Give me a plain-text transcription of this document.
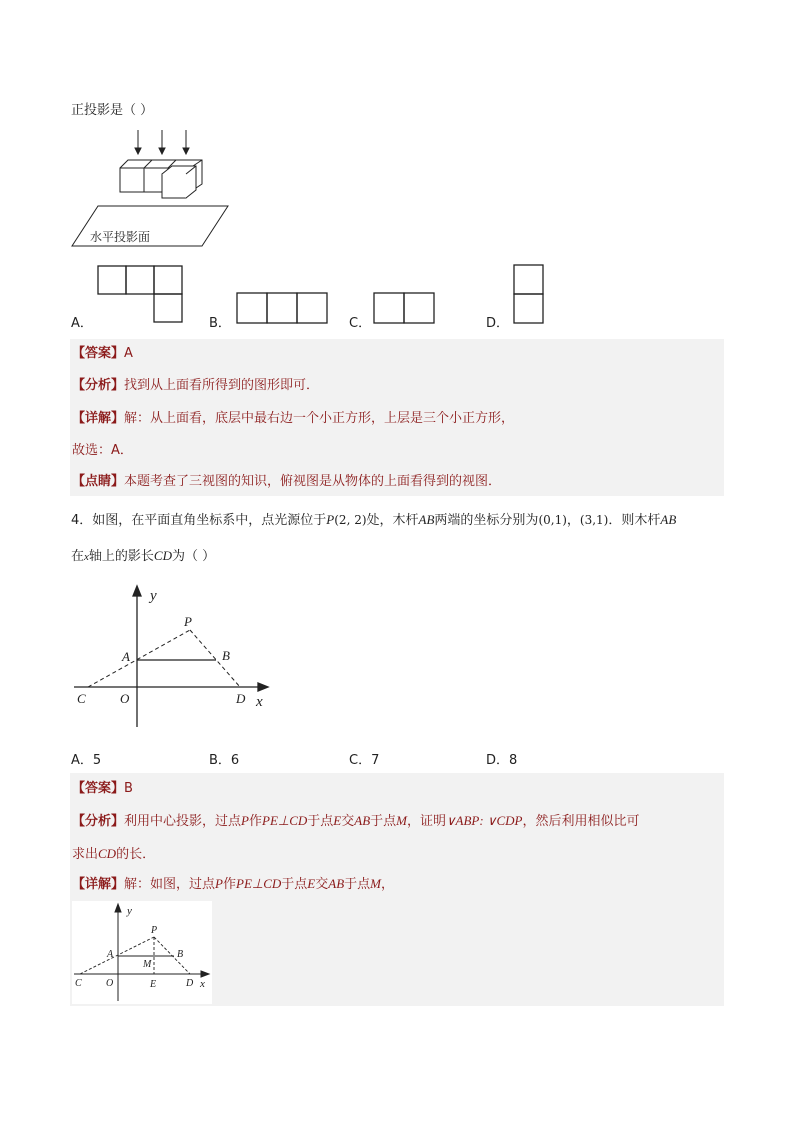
正投影是（ ）
水平投影面
A．	B．	C．	D．
【答案】A
【分析】找到从上面看所得到的图形即可．
【详解】解：从上面看，底层中最右边一个小正方形，上层是三个小正方形，
故选：A．
【点睛】本题考查了三视图的知识，俯视图是从物体的上面看得到的视图．
4．如图，在平面直角坐标系中，点光源位于P(2, 2)处，木杆AB两端的坐标分别为(0,1)，(3,1)．则木杆AB
在x轴上的影长CD为（ ）
y
P
A	B
C	O	D x
A．5	B．6	C．7	D．8
【答案】B
【分析】利用中心投影，过点P作PE⊥CD于点E交AB于点M，证明∨ABP: ∨CDP，然后利用相似比可
求出CD的长．
【详解】解：如图，过点P作PE⊥CD于点E交AB于点M，
y
P
A
M
B
C O	E	D x
